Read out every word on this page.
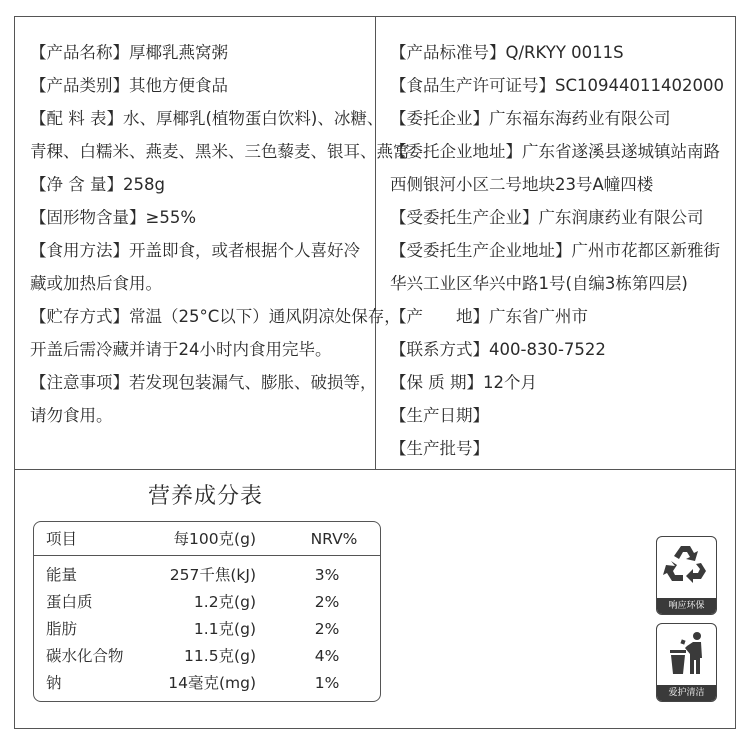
【产品名称】厚椰乳燕窝粥
【产品类别】其他方便食品
【配 料 表】水、厚椰乳(植物蛋白饮料)、冰糖、
青稞、白糯米、燕麦、黑米、三色藜麦、银耳、燕窝
【净 含 量】258g
【固形物含量】≥55%
【食用方法】开盖即食，或者根据个人喜好冷
藏或加热后食用。
【贮存方式】常温（25°C以下）通风阴凉处保存，
开盖后需冷藏并请于24小时内食用完毕。
【注意事项】若发现包装漏气、膨胀、破损等，
请勿食用。
【产品标准号】Q/RKYY 0011S
【食品生产许可证号】SC10944011402000
【委托企业】广东福东海药业有限公司
【委托企业地址】广东省遂溪县遂城镇站南路
西侧银河小区二号地块23号A幢四楼
【受委托生产企业】广东润康药业有限公司
【受委托生产企业地址】广州市花都区新雅街
华兴工业区华兴中路1号(自编3栋第四层)
【产　　地】广东省广州市
【联系方式】400-830-7522
【保 质 期】12个月
【生产日期】
【生产批号】
营养成分表
项目	每100克(g)	NRV%
能量	257千焦(kJ)	3%
蛋白质	1.2克(g)	2%
脂肪	1.1克(g)	2%
碳水化合物	11.5克(g)	4%
钠	14毫克(mg)	1%
响应环保
爱护清洁
